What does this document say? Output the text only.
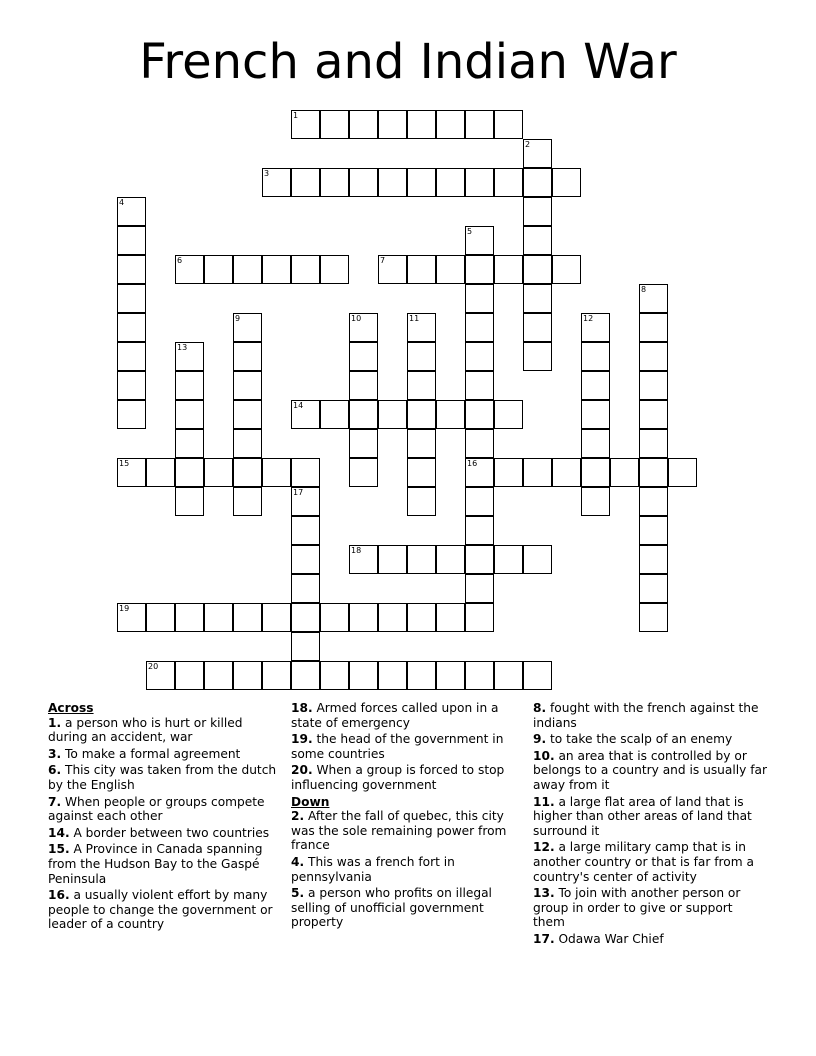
French and Indian War
1
2
3
4
5
16
6	7
8
9	10	11	12
13
14
15
17
18
19
20
Across
1. a person who is hurt or killed during an accident, war
3. To make a formal agreement
6. This city was taken from the dutch by the English
7. When people or groups compete against each other
14. A border between two countries
15. A Province in Canada spanning from the Hudson Bay to the Gaspé Peninsula
16. a usually violent effort by many people to change the government or leader of a country
18. Armed forces called upon in a state of emergency
19. the head of the government in some countries
20. When a group is forced to stop influencing government
Down
2. After the fall of quebec, this city was the sole remaining power from france
4. This was a french fort in pennsylvania
5. a person who profits on illegal selling of unofficial government property
8. fought with the french against the indians
9. to take the scalp of an enemy
10. an area that is controlled by or belongs to a country and is usually far away from it
11. a large flat area of land that is higher than other areas of land that surround it
12. a large military camp that is in another country or that is far from a country's center of activity
13. To join with another person or group in order to give or support them
17. Odawa War Chief
